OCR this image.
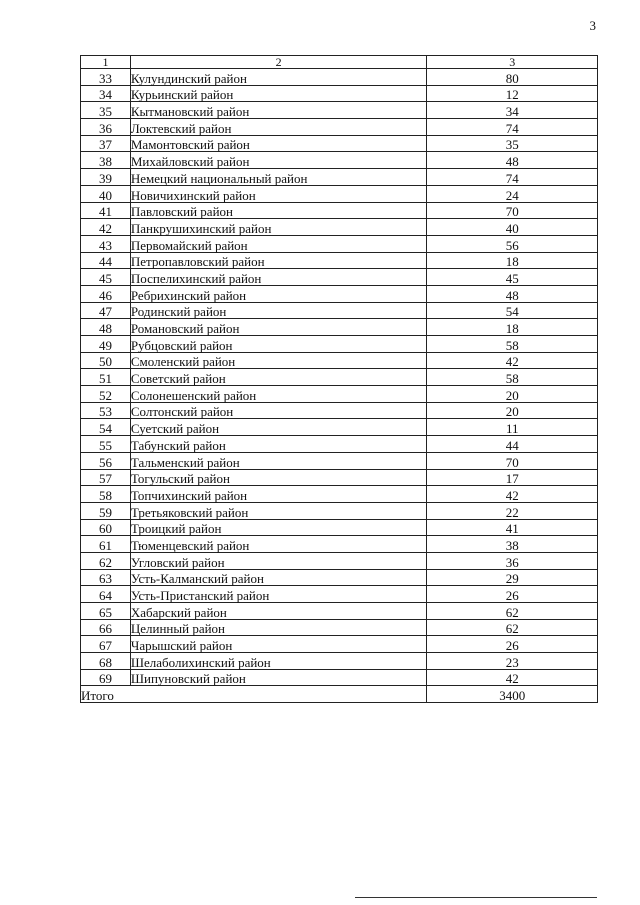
3
1	2	3
33	Кулундинский район	80
34	Курьинский район	12
35	Кытмановский район	34
36	Локтевский район	74
37	Мамонтовский район	35
38	Михайловский район	48
39	Немецкий национальный район	74
40	Новичихинский район	24
41	Павловский район	70
42	Панкрушихинский район	40
43	Первомайский район	56
44	Петропавловский район	18
45	Поспелихинский район	45
46	Ребрихинский район	48
47	Родинский район	54
48	Романовский район	18
49	Рубцовский район	58
50	Смоленский район	42
51	Советский район	58
52	Солонешенский район	20
53	Солтонский район	20
54	Суетский район	11
55	Табунский район	44
56	Тальменский район	70
57	Тогульский район	17
58	Топчихинский район	42
59	Третьяковский район	22
60	Троицкий район	41
61	Тюменцевский район	38
62	Угловский район	36
63	Усть-Калманский район	29
64	Усть-Пристанский район	26
65	Хабарский район	62
66	Целинный район	62
67	Чарышский район	26
68	Шелаболихинский район	23
69	Шипуновский район	42
Итого		3400
